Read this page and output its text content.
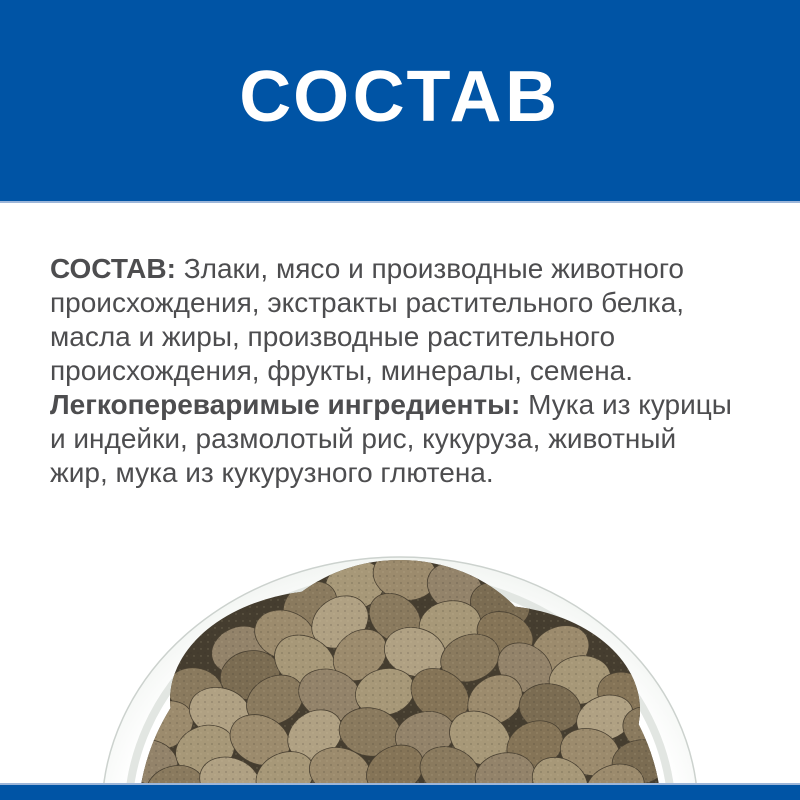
СОСТАВ
СОСТАВ: Злаки, мясо и производные животного
происхождения, экстракты растительного белка,
масла и жиры, производные растительного
происхождения, фрукты, минералы, семена.
Легкопереваримые ингредиенты: Мука из курицы
и индейки, размолотый рис, кукуруза, животный
жир, мука из кукурузного глютена.
